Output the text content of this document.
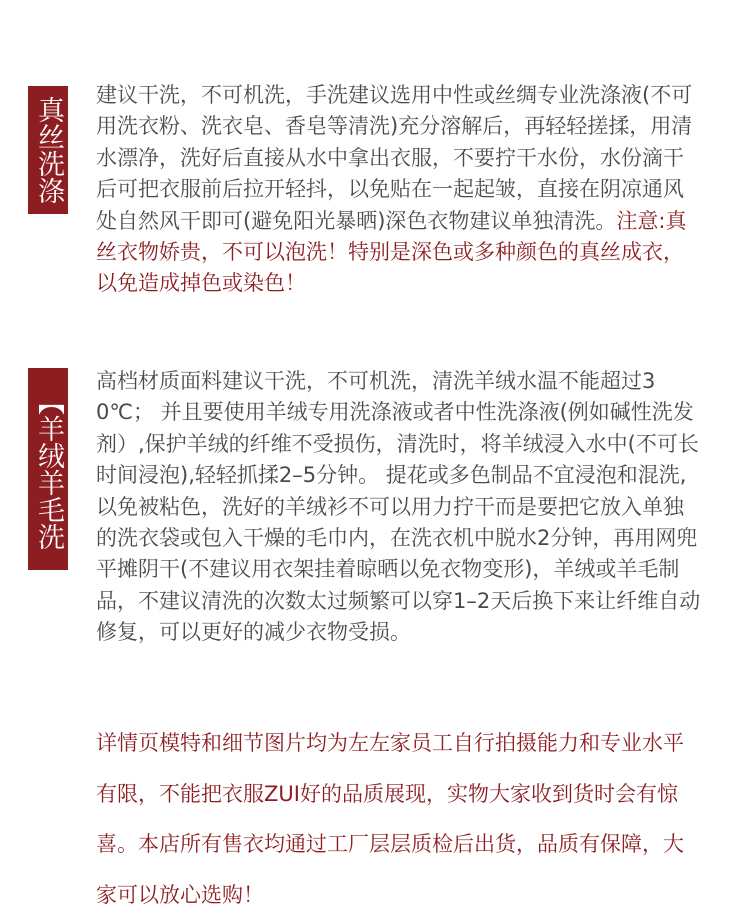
真丝洗涤

建议干洗，不可机洗，手洗建议选用中性或丝绸专业洗涤液(不可用洗衣粉、洗衣皂、香皂等清洗)充分溶解后，再轻轻搓揉，用清水漂净，洗好后直接从水中拿出衣服，不要拧干水份，水份滴干后可把衣服前后拉开轻抖，以免贴在一起起皱，直接在阴凉通风处自然风干即可(避免阳光暴晒)深色衣物建议单独清洗。注意:真丝衣物娇贵，不可以泡洗！特别是深色或多种颜色的真丝成衣，以免造成掉色或染色！

【羊绒羊毛洗

高档材质面料建议干洗，不可机洗，清洗羊绒水温不能超过30℃； 并且要使用羊绒专用洗涤液或者中性洗涤液(例如碱性洗发剂）,保护羊绒的纤维不受损伤，清洗时，将羊绒浸入水中(不可长时间浸泡),轻轻抓揉2–5分钟。 提花或多色制品不宜浸泡和混洗,以免被粘色，洗好的羊绒衫不可以用力拧干而是要把它放入单独的洗衣袋或包入干燥的毛巾内，在洗衣机中脱水2分钟，再用网兜平摊阴干(不建议用衣架挂着晾晒以免衣物变形)，羊绒或羊毛制品，不建议清洗的次数太过频繁可以穿1–2天后换下来让纤维自动修复，可以更好的减少衣物受损。

详情页模特和细节图片均为左左家员工自行拍摄能力和专业水平有限，不能把衣服ZUI好的品质展现，实物大家收到货时会有惊喜。本店所有售衣均通过工厂层层质检后出货，品质有保障，大家可以放心选购！
